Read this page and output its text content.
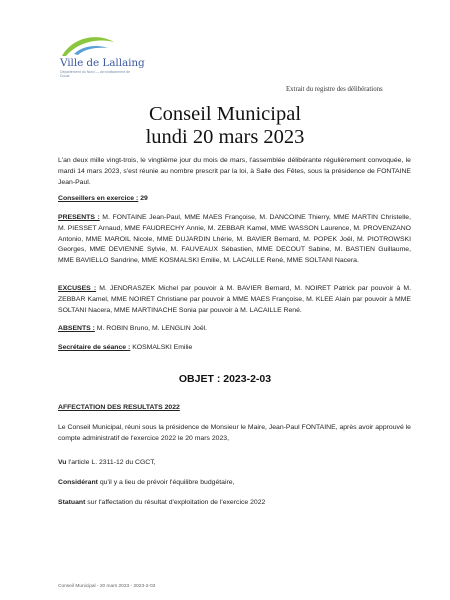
Ville de Lallaing
Département du Nord — Arrondissement de Douai
Extrait du registre des délibérations
Conseil Municipal
lundi 20 mars 2023

L'an deux mille vingt-trois, le vingtième jour du mois de mars, l'assemblée délibérante régulièrement convoquée, le mardi 14 mars 2023, s'est réunie au nombre prescrit par la loi, à Salle des Fêtes, sous la présidence de FONTAINE Jean-Paul.

Conseillers en exercice : 29

PRESENTS : M. FONTAINE Jean-Paul, MME MAES Françoise, M. DANCOINE Thierry, MME MARTIN Christelle, M. PIESSET Arnaud, MME FAUDRECHY Annie, M. ZEBBAR Kamel, MME WASSON Laurence, M. PROVENZANO Antonio, MME MAROIL Nicole, MME DUJARDIN Lhérie, M. BAVIER Bernard, M. POPEK Joël, M. PIOTROWSKI Georges, MME DEVIENNE Sylvie, M. FAUVEAUX Sébastien, MME DECOUT Sabine, M. BASTIEN Guillaume, MME BAVIELLO Sandrine, MME KOSMALSKI Emilie, M. LACAILLE René, MME SOLTANI Nacera.

EXCUSES : M. JENDRASZEK Michel par pouvoir à M. BAVIER Bernard, M. NOIRET Patrick par pouvoir à M. ZEBBAR Kamel, MME NOIRET Christiane par pouvoir à MME MAES Françoise, M. KLEE Alain par pouvoir à MME SOLTANI Nacera, MME MARTINACHE Sonia par pouvoir à M. LACAILLE René.

ABSENTS : M. ROBIN Bruno, M. LENGLIN Joël.

Secrétaire de séance : KOSMALSKI Emilie

OBJET : 2023-2-03

AFFECTATION DES RESULTATS 2022

Le Conseil Municipal, réuni sous la présidence de Monsieur le Maire, Jean-Paul FONTAINE, après avoir approuvé le compte administratif de l'exercice 2022 le 20 mars 2023,

Vu l'article L. 2311-12 du CGCT,

Considérant qu'il y a lieu de prévoir l'équilibre budgétaire,

Statuant sur l'affectation du résultat d'exploitation de l'exercice 2022

Conseil Municipal - 20 mars 2023 - 2023-2-03
